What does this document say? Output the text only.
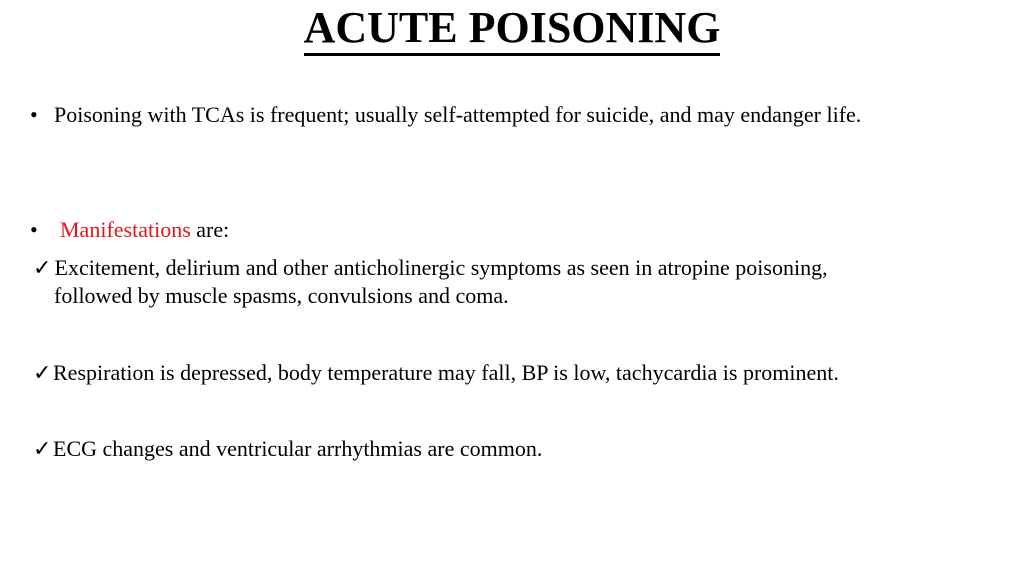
ACUTE POISONING
• Poisoning with TCAs is frequent; usually self-attempted for suicide, and may endanger life.
• Manifestations are:
✓ Excitement, delirium and other anticholinergic symptoms as seen in atropine poisoning,
followed by muscle spasms, convulsions and coma.
✓Respiration is depressed, body temperature may fall, BP is low, tachycardia is prominent.
✓ECG changes and ventricular arrhythmias are common.
